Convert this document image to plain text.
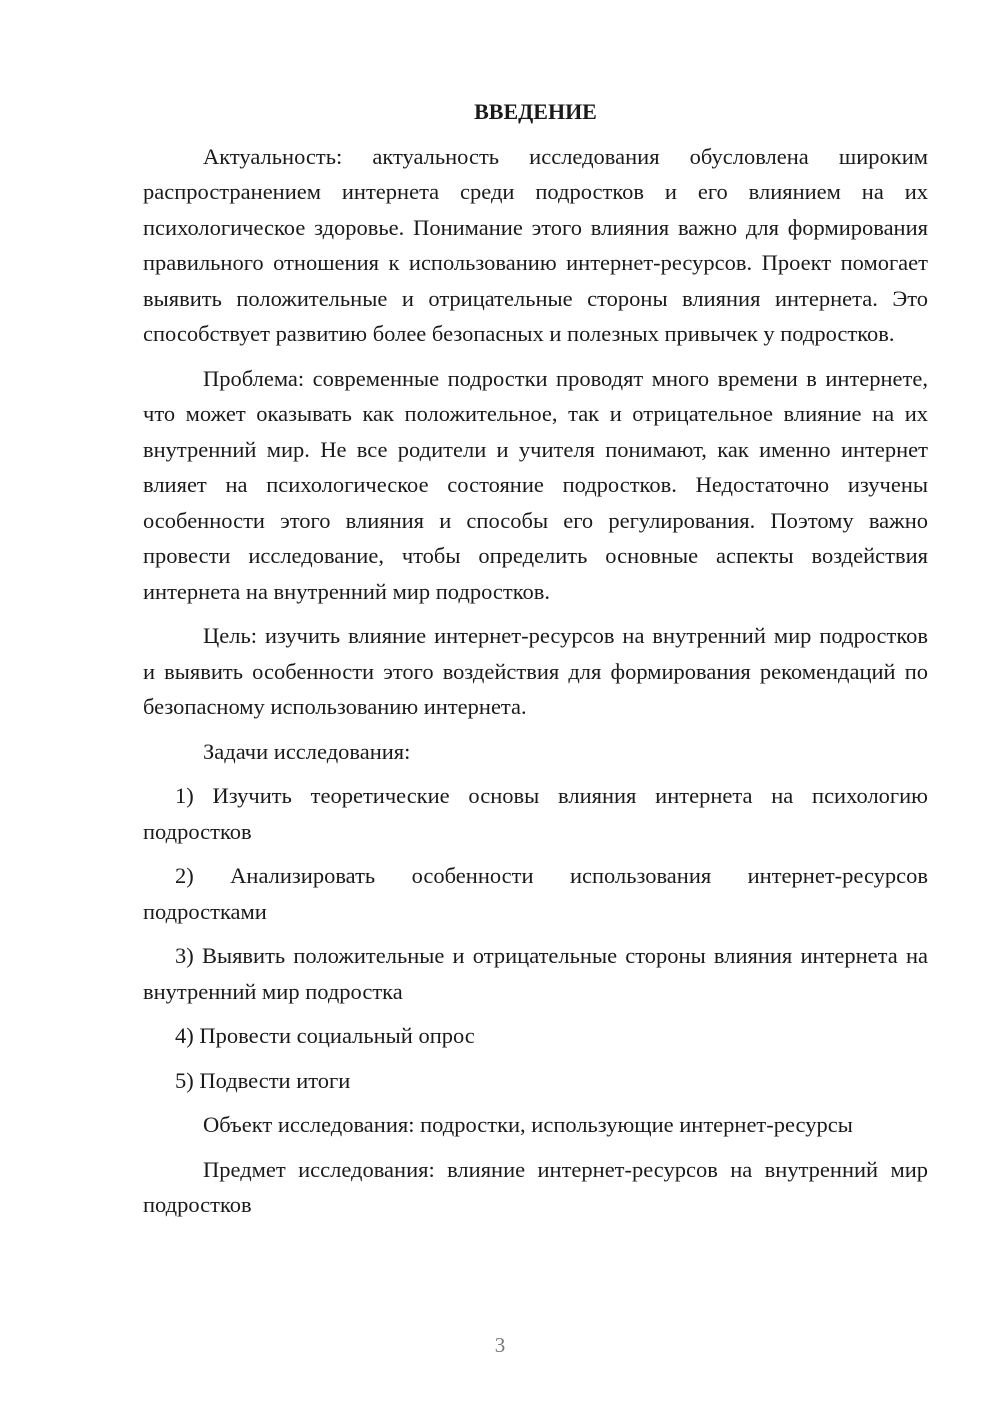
ВВЕДЕНИЕ

Актуальность: актуальность исследования обусловлена широким распространением интернета среди подростков и его влиянием на их психологическое здоровье. Понимание этого влияния важно для формирования правильного отношения к использованию интернет-ресурсов. Проект помогает выявить положительные и отрицательные стороны влияния интернета. Это способствует развитию более безопасных и полезных привычек у подростков.

Проблема: современные подростки проводят много времени в интернете, что может оказывать как положительное, так и отрицательное влияние на их внутренний мир. Не все родители и учителя понимают, как именно интернет влияет на психологическое состояние подростков. Недостаточно изучены особенности этого влияния и способы его регулирования. Поэтому важно провести исследование, чтобы определить основные аспекты воздействия интернета на внутренний мир подростков.

Цель: изучить влияние интернет-ресурсов на внутренний мир подростков и выявить особенности этого воздействия для формирования рекомендаций по безопасному использованию интернета.

Задачи исследования:

1) Изучить теоретические основы влияния интернета на психологию подростков

2) Анализировать особенности использования интернет-ресурсов подростками

3) Выявить положительные и отрицательные стороны влияния интернета на внутренний мир подростка

4) Провести социальный опрос

5) Подвести итоги

Объект исследования: подростки, использующие интернет-ресурсы

Предмет исследования: влияние интернет-ресурсов на внутренний мир подростков

3
